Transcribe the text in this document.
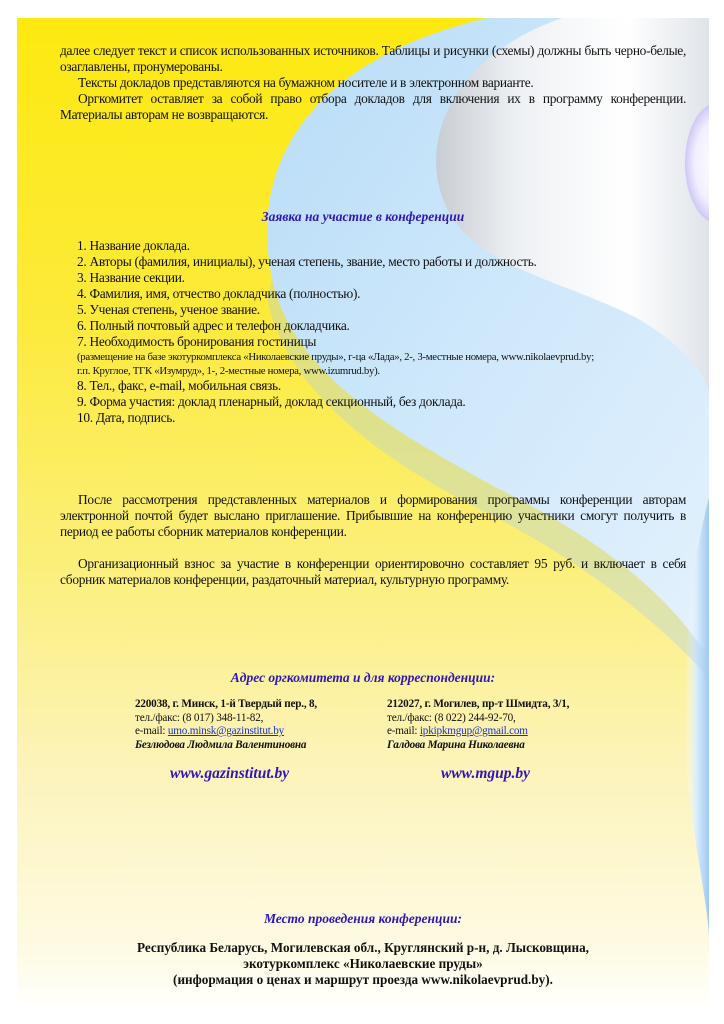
далее следует текст и список использованных источников. Таблицы и рисунки (схемы) должны быть черно-белые, озаглавлены, пронумерованы.

Тексты докладов представляются на бумажном носителе и в электронном варианте.

Оргкомитет оставляет за собой право отбора докладов для включения их в программу конференции. Материалы авторам не возвращаются.

Заявка на участие в конференции
1. Название доклада.
2. Авторы (фамилия, инициалы), ученая степень, звание, место работы и должность.
3. Название секции.
4. Фамилия, имя, отчество докладчика (полностью).
5. Ученая степень, ученое звание.
6. Полный почтовый адрес и телефон докладчика.
7. Необходимость бронирования гостиницы
(размещение на базе экотуркомплекса «Николаевские пруды», г-ца «Лада», 2-, 3-местные номера, www.nikolaevprud.by;
г.п. Круглое, ТГК «Изумруд», 1-, 2-местные номера, www.izumrud.by).
8. Тел., факс, e-mail, мобильная связь.
9. Форма участия: доклад пленарный, доклад секционный, без доклада.
10. Дата, подпись.

После рассмотрения представленных материалов и формирования программы конференции авторам электронной почтой будет выслано приглашение. Прибывшие на конференцию участники смогут получить в период ее работы сборник материалов конференции.

Организационный взнос за участие в конференции ориентировочно составляет 95 руб. и включает в себя сборник материалов конференции, раздаточный материал, культурную программу.

Адрес оргкомитета и для корреспонденции:
220038, г. Минск, 1-й Твердый пер., 8,
тел./факс: (8 017) 348-11-82,
e-mail: umo.minsk@gazinstitut.by
Безлюдова Людмила Валентиновна
212027, г. Могилев, пр-т Шмидта, 3/1,
тел./факс: (8 022) 244-92-70,
e-mail: ipkipkmgup@gmail.com
Галдова Марина Николаевна
www.gazinstitut.by	www.mgup.by
Место проведения конференции:
Республика Беларусь, Могилевская обл., Круглянский р-н, д. Лысковщина,
экотуркомплекс «Николаевские пруды»
(информация о ценах и маршрут проезда www.nikolaevprud.by).
